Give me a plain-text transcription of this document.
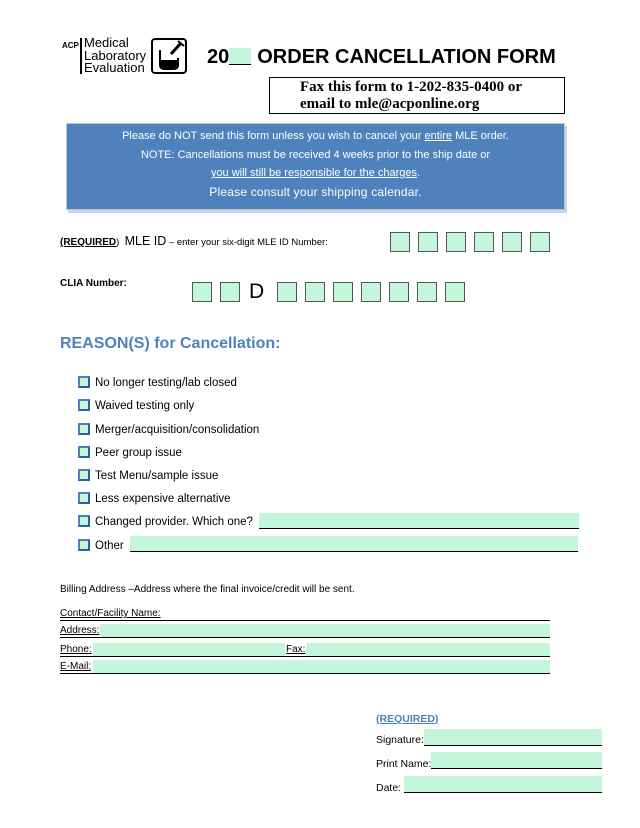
ACP Medical
Laboratory
Evaluation	20 ORDER CANCELLATION FORM
Fax this form to 1-202-835-0400 or
email to mle@acponline.org
Please do NOT send this form unless you wish to cancel your entire MLE order.
NOTE: Cancellations must be received 4 weeks prior to the ship date or
you will still be responsible for the charges.
Please consult your shipping calendar.
(REQUIRED) MLE ID – enter your six-digit MLE ID Number:
CLIA Number:	D
REASON(S) for Cancellation:
No longer testing/lab closed
Waived testing only
Merger/acquisition/consolidation
Peer group issue
Test Menu/sample issue
Less expensive alternative
Changed provider. Which one?
Other
Billing Address –Address where the final invoice/credit will be sent.
Contact/Facility Name:
Address:
Phone:	Fax:
E-Mail:
(REQUIRED)
Signature:
Print Name:
Date:
